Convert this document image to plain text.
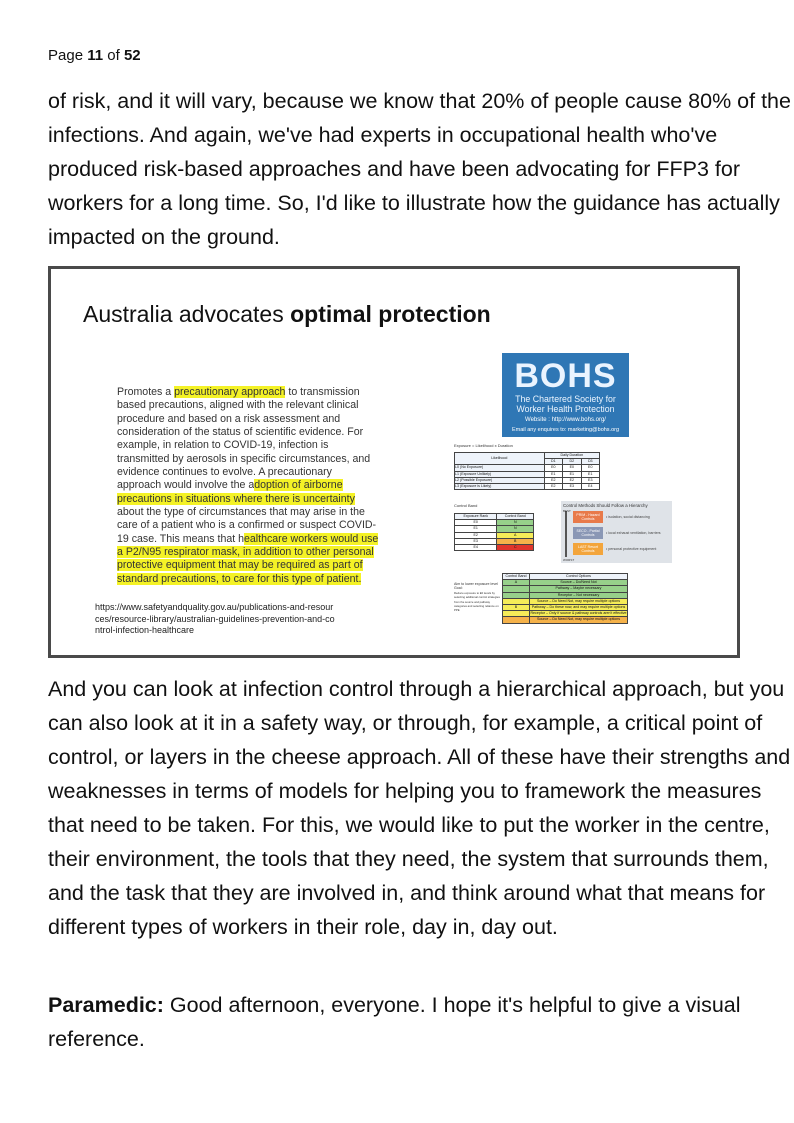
Page 11 of 52

of risk, and it will vary, because we know that 20% of people cause 80% of the infections. And again, we've had experts in occupational health who've produced risk-based approaches and have been advocating for FFP3 for workers for a long time. So, I'd like to illustrate how the guidance has actually impacted on the ground.

Australia advocates optimal protection
Promotes a precautionary approach to transmission based precautions, aligned with the relevant clinical procedure and based on a risk assessment and consideration of the status of scientific evidence. For example, in relation to COVID-19, infection is transmitted by aerosols in specific circumstances, and evidence continues to evolve. A precautionary approach would involve the adoption of airborne precautions in situations where there is uncertainty about the type of circumstances that may arise in the care of a patient who is a confirmed or suspect COVID-19 case. This means that healthcare workers would use a P2/N95 respirator mask, in addition to other personal protective equipment that may be required as part of standard precautions, to care for this type of patient.
https://www.safetyandquality.gov.au/publications-and-resources/resource-library/australian-guidelines-prevention-and-control-infection-healthcare
BOHS
The Chartered Society for
Worker Health Protection
Website : http://www.bohs.org/
Email any enquires to: marketing@bohs.org
Exposure = Likelihood x Duration
Likelihood	Daily Duration		
	D1	D2	D3
L0 (No Exposure)	E0	E0	E0
L1 (Exposure Unlikely)	E1	E1	E1
L2 (Possible Exposure)	E2	E2	E3
L3 (Exposure is Likely)	E2	E3	E4
Control Band
Exposure Rank	Control Band
E0	N
E1	N
E2	A
E3	B
E4	C
Control Methods Should Follow a Hierarchy
BEST
WORST
PRIM - Hazard Controls	• isolation, social distancing
SECO - Partial Controls	• local exhaust ventilation, barriers
LAST Resort Controls	• personal protective equipment
Aim to lower exposure level
Goal:
Reduce exposure to E0 levels by selecting additional control strategies from the source and pathway categories and selecting reliance on PPE
Control Band	Control Options
A	Source – Do/Need Not
	Pathway – Maybe necessary
	Receptor – Not necessary
	Source – Do Need Not, may require multiple options
B	Pathway – Do these now, and may require multiple options
	Receptor – Only if source & pathway controls aren't effective
	Source – Do Need Not, may require multiple options

And you can look at infection control through a hierarchical approach, but you can also look at it in a safety way, or through, for example, a critical point of control, or layers in the cheese approach. All of these have their strengths and weaknesses in terms of models for helping you to framework the measures that need to be taken. For this, we would like to put the worker in the centre, their environment, the tools that they need, the system that surrounds them, and the task that they are involved in, and think around what that means for different types of workers in their role, day in, day out.

Paramedic: Good afternoon, everyone. I hope it's helpful to give a visual reference.
